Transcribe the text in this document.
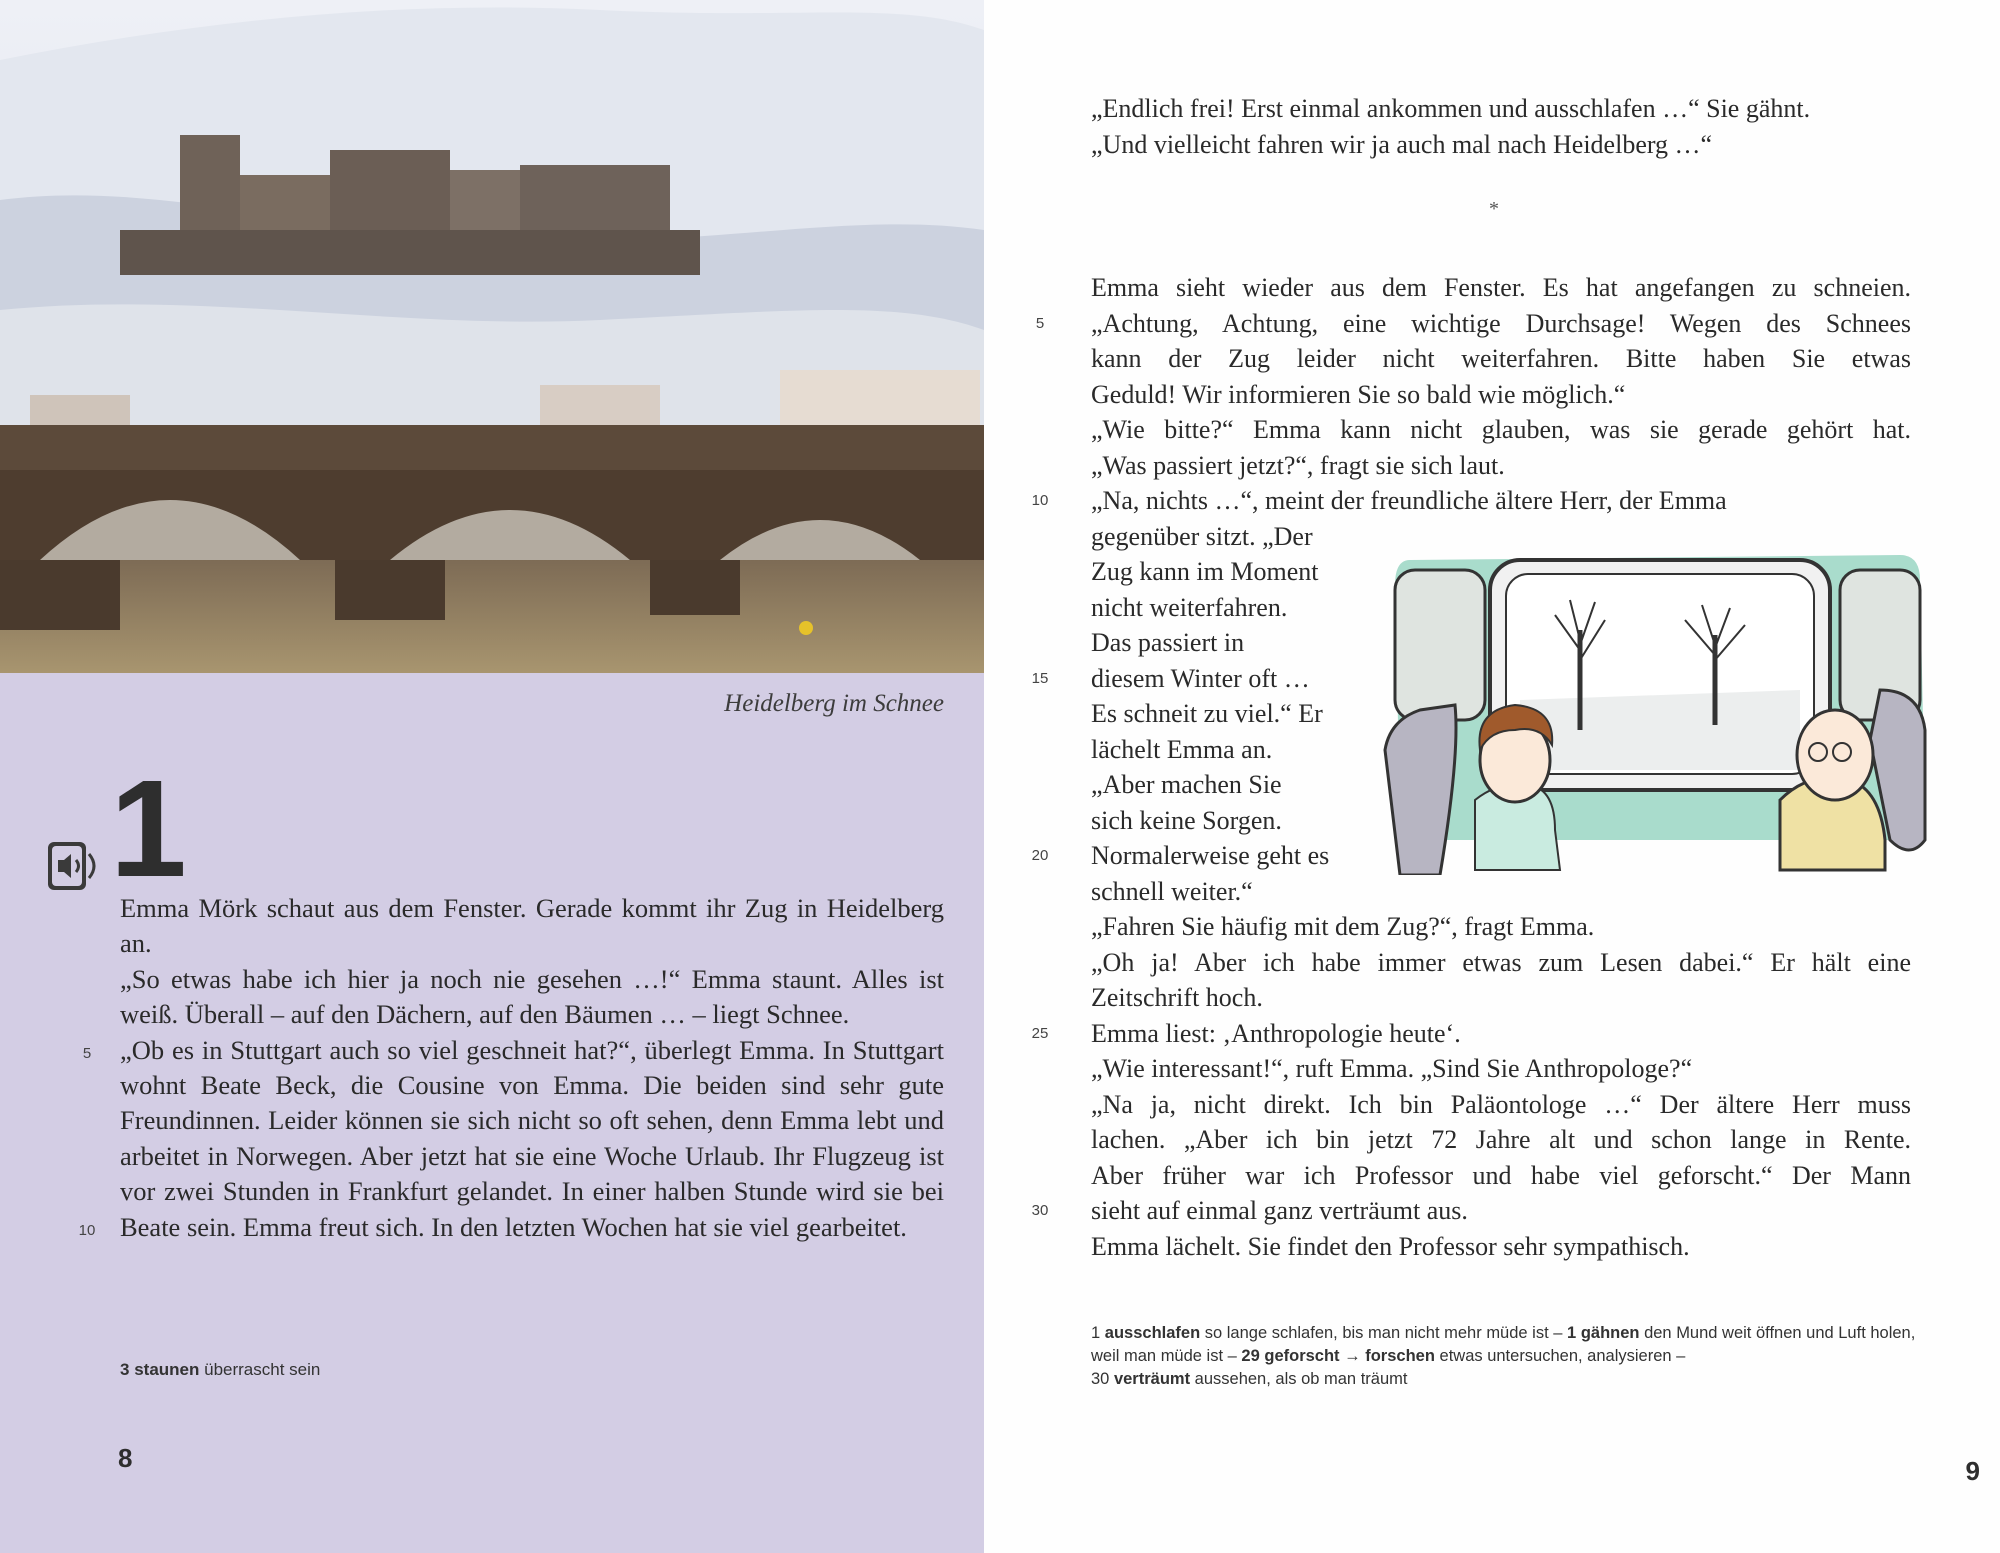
Heidelberg im Schnee
1

Emma Mörk schaut aus dem Fenster. Gerade kommt ihr Zug in Heidelberg an.

„So etwas habe ich hier ja noch nie gesehen …!“ Emma staunt. Alles ist weiß. Überall – auf den Dächern, auf den Bäumen … – liegt Schnee.

„Ob es in Stuttgart auch so viel geschneit hat?“, überlegt Emma. In Stuttgart wohnt Beate Beck, die Cousine von Emma. Die beiden sind sehr gute Freundinnen. Leider können sie sich nicht so oft sehen, denn Emma lebt und arbeitet in Norwegen. Aber jetzt hat sie eine Woche Urlaub. Ihr Flugzeug ist vor zwei Stunden in Frankfurt gelandet. In einer halben Stunde wird sie bei Beate sein. Emma freut sich. In den letzten Wochen hat sie viel gearbeitet.

5
10
3 staunen überrascht sein
8
„Endlich frei! Erst einmal ankommen und ausschlafen …“ Sie gähnt.
„Und vielleicht fahren wir ja auch mal nach Heidelberg …“
*
Emma sieht wieder aus dem Fenster. Es hat angefangen zu schneien.
„Achtung, Achtung, eine wichtige Durchsage! Wegen des Schnees
kann der Zug leider nicht weiterfahren. Bitte haben Sie etwas
Geduld! Wir informieren Sie so bald wie möglich.“
„Wie bitte?“ Emma kann nicht glauben, was sie gerade gehört hat.
„Was passiert jetzt?“, fragt sie sich laut.
„Na, nichts …“, meint der freundliche ältere Herr, der Emma
gegenüber sitzt. „Der
Zug kann im Moment
nicht weiterfahren.
Das passiert in
diesem Winter oft …
Es schneit zu viel.“ Er
lächelt Emma an.
„Aber machen Sie
sich keine Sorgen.
Normalerweise geht es
schnell weiter.“
„Fahren Sie häufig mit dem Zug?“, fragt Emma.
„Oh ja! Aber ich habe immer etwas zum Lesen dabei.“ Er hält eine
Zeitschrift hoch.
Emma liest: ‚Anthropologie heute‘.
„Wie interessant!“, ruft Emma. „Sind Sie Anthropologe?“
„Na ja, nicht direkt. Ich bin Paläontologe …“ Der ältere Herr muss
lachen. „Aber ich bin jetzt 72 Jahre alt und schon lange in Rente.
Aber früher war ich Professor und habe viel geforscht.“ Der Mann
sieht auf einmal ganz verträumt aus.
Emma lächelt. Sie findet den Professor sehr sympathisch.
5
10
15
20
25
30
1 ausschlafen so lange schlafen, bis man nicht mehr müde ist – 1 gähnen den Mund weit öffnen und Luft holen, weil man müde ist – 29 geforscht → forschen etwas untersuchen, analysieren –
30 verträumt aussehen, als ob man träumt
9
